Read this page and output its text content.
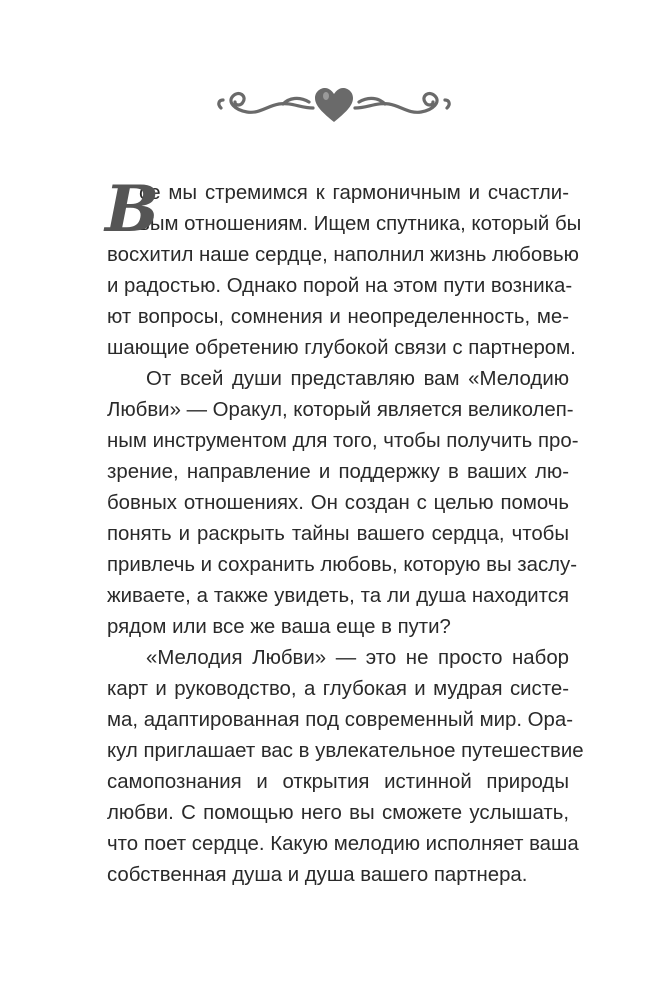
В
се мы стремимся к гармоничным и счастли-
вым отношениям. Ищем спутника, который бы
восхитил наше сердце, наполнил жизнь любовью
и радостью. Однако порой на этом пути возника-
ют вопросы, сомнения и неопределенность, ме-
шающие обретению глубокой связи с партнером.
От всей души представляю вам «Мелодию
Любви» — Оракул, который является великолеп-
ным инструментом для того, чтобы получить про-
зрение, направление и поддержку в ваших лю-
бовных отношениях. Он создан с целью помочь
понять и раскрыть тайны вашего сердца, чтобы
привлечь и сохранить любовь, которую вы заслу-
живаете, а также увидеть, та ли душа находится
рядом или все же ваша еще в пути?
«Мелодия Любви» — это не просто набор
карт и руководство, а глубокая и мудрая систе-
ма, адаптированная под современный мир. Ора-
кул приглашает вас в увлекательное путешествие
самопознания и открытия истинной природы
любви. С помощью него вы сможете услышать,
что поет сердце. Какую мелодию исполняет ваша
собственная душа и душа вашего партнера.
